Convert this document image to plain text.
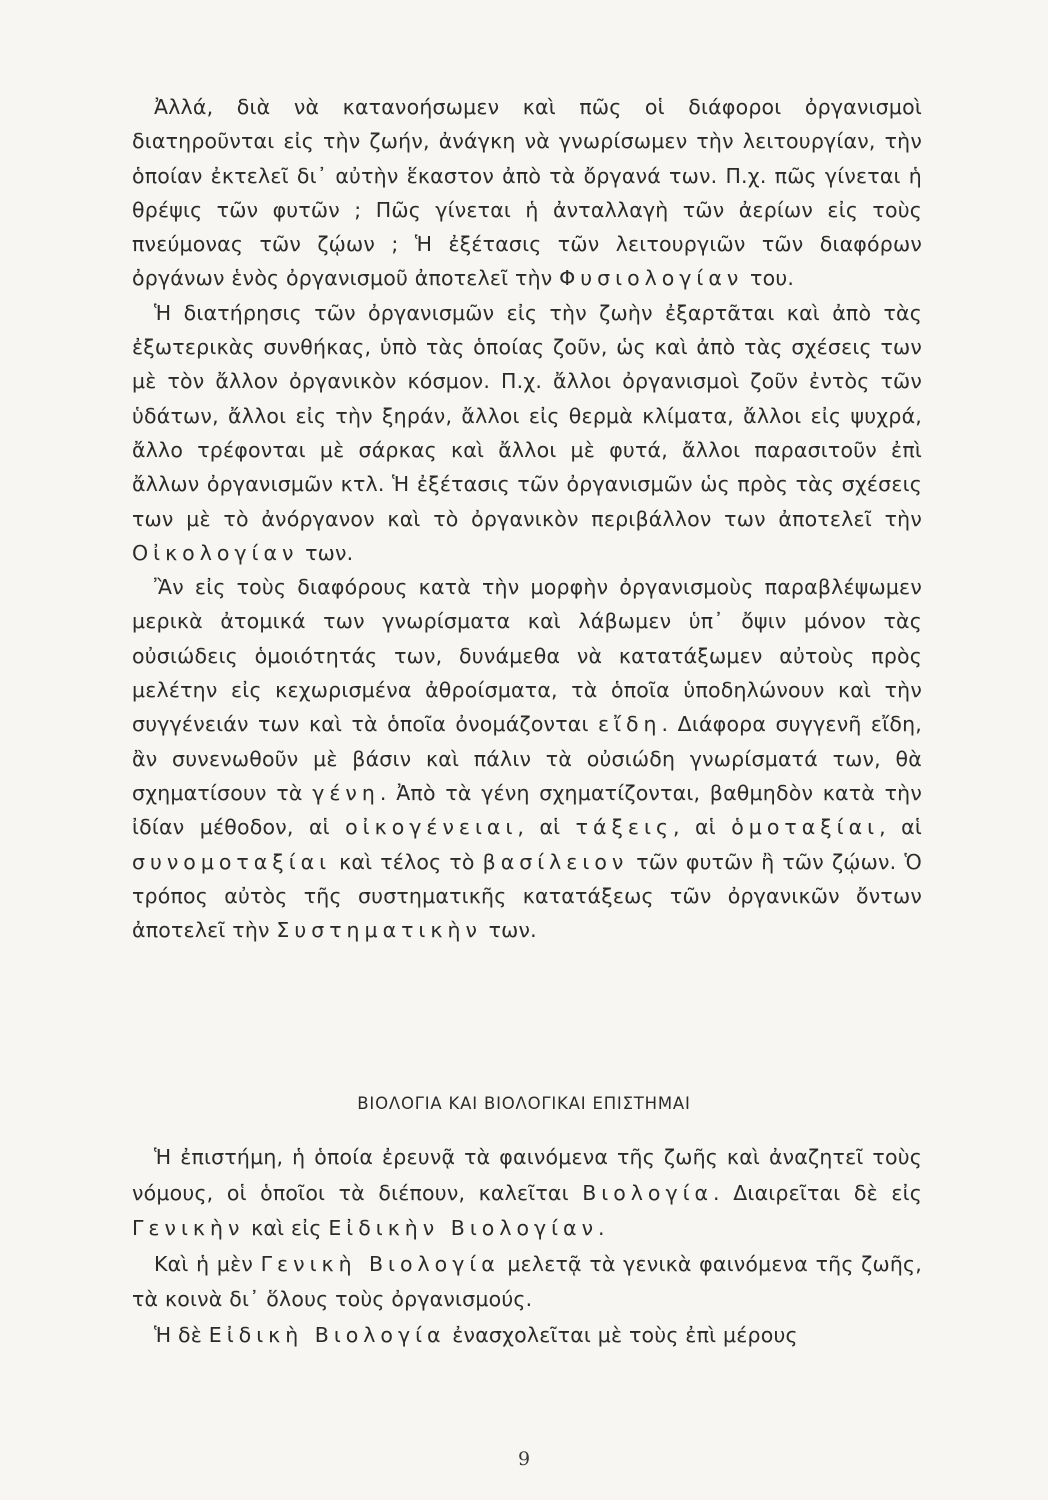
Ἀλλά, διὰ νὰ κατανοήσωμεν καὶ πῶς οἱ διάφοροι ὀργανισμοὶ διατηροῦνται εἰς τὴν ζωήν, ἀνάγκη νὰ γνωρίσωμεν τὴν λειτουργίαν, τὴν ὁποίαν ἐκτελεῖ δι᾿ αὐτὴν ἕκαστον ἀπὸ τὰ ὄργανά των. Π.χ. πῶς γίνεται ἡ θρέψις τῶν φυτῶν ; Πῶς γίνεται ἡ ἀνταλλαγὴ τῶν ἀερίων εἰς τοὺς πνεύμονας τῶν ζῴων ; Ἡ ἐξέτασις τῶν λειτουργιῶν τῶν διαφόρων ὀργάνων ἑνὸς ὀργανισμοῦ ἀποτελεῖ τὴν Φυσιολογίαν του.

Ἡ διατήρησις τῶν ὀργανισμῶν εἰς τὴν ζωὴν ἐξαρτᾶται καὶ ἀπὸ τὰς ἐξωτερικὰς συνθήκας, ὑπὸ τὰς ὁποίας ζοῦν, ὡς καὶ ἀπὸ τὰς σχέσεις των μὲ τὸν ἄλλον ὀργανικὸν κόσμον. Π.χ. ἄλλοι ὀργανισμοὶ ζοῦν ἐντὸς τῶν ὑδάτων, ἄλλοι εἰς τὴν ξηράν, ἄλλοι εἰς θερμὰ κλίματα, ἄλλοι εἰς ψυχρά, ἄλλο τρέφονται μὲ σάρκας καὶ ἄλλοι μὲ φυτά, ἄλλοι παρασιτοῦν ἐπὶ ἄλλων ὀργανισμῶν κτλ. Ἡ ἐξέτασις τῶν ὀργανισμῶν ὡς πρὸς τὰς σχέσεις των μὲ τὸ ἀνόργανον καὶ τὸ ὀργανικὸν περιβάλλον των ἀποτελεῖ τὴν Οἰκολογίαν των.

Ἂν εἰς τοὺς διαφόρους κατὰ τὴν μορφὴν ὀργανισμοὺς παραβλέψωμεν μερικὰ ἀτομικά των γνωρίσματα καὶ λάβωμεν ὑπ᾿ ὄψιν μόνον τὰς οὐσιώδεις ὁμοιότητάς των, δυνάμεθα νὰ κατατάξωμεν αὐτοὺς πρὸς μελέτην εἰς κεχωρισμένα ἀθροίσματα, τὰ ὁποῖα ὑποδηλώνουν καὶ τὴν συγγένειάν των καὶ τὰ ὁποῖα ὀνομάζονται εἴδη. Διάφορα συγγενῆ εἴδη, ἂν συνενωθοῦν μὲ βάσιν καὶ πάλιν τὰ οὐσιώδη γνωρίσματά των, θὰ σχηματίσουν τὰ γένη. Ἀπὸ τὰ γένη σχηματίζονται, βαθμηδὸν κατὰ τὴν ἰδίαν μέθοδον, αἱ οἰκογένειαι, αἱ τάξεις, αἱ ὁμοταξίαι, αἱ συνομοταξίαι καὶ τέλος τὸ βασίλειον τῶν φυτῶν ἢ τῶν ζῴων. Ὁ τρόπος αὐτὸς τῆς συστηματικῆς κατατάξεως τῶν ὀργανικῶν ὄντων ἀποτελεῖ τὴν Συστηματικὴν των.

ΒΙΟΛΟΓΙΑ ΚΑΙ ΒΙΟΛΟΓΙΚΑΙ ΕΠΙΣΤΗΜΑΙ

Ἡ ἐπιστήμη, ἡ ὁποία ἐρευνᾷ τὰ φαινόμενα τῆς ζωῆς καὶ ἀναζητεῖ τοὺς νόμους, οἱ ὁποῖοι τὰ διέπουν, καλεῖται Βιολογία. Διαιρεῖται δὲ εἰς Γενικὴν καὶ εἰς Εἰδικὴν Βιολογίαν.

Καὶ ἡ μὲν Γενικὴ Βιολογία μελετᾷ τὰ γενικὰ φαινόμενα τῆς ζωῆς, τὰ κοινὰ δι᾿ ὅλους τοὺς ὀργανισμούς.

Ἡ δὲ Εἰδικὴ Βιολογία ἐνασχολεῖται μὲ τοὺς ἐπὶ μέρους

9
